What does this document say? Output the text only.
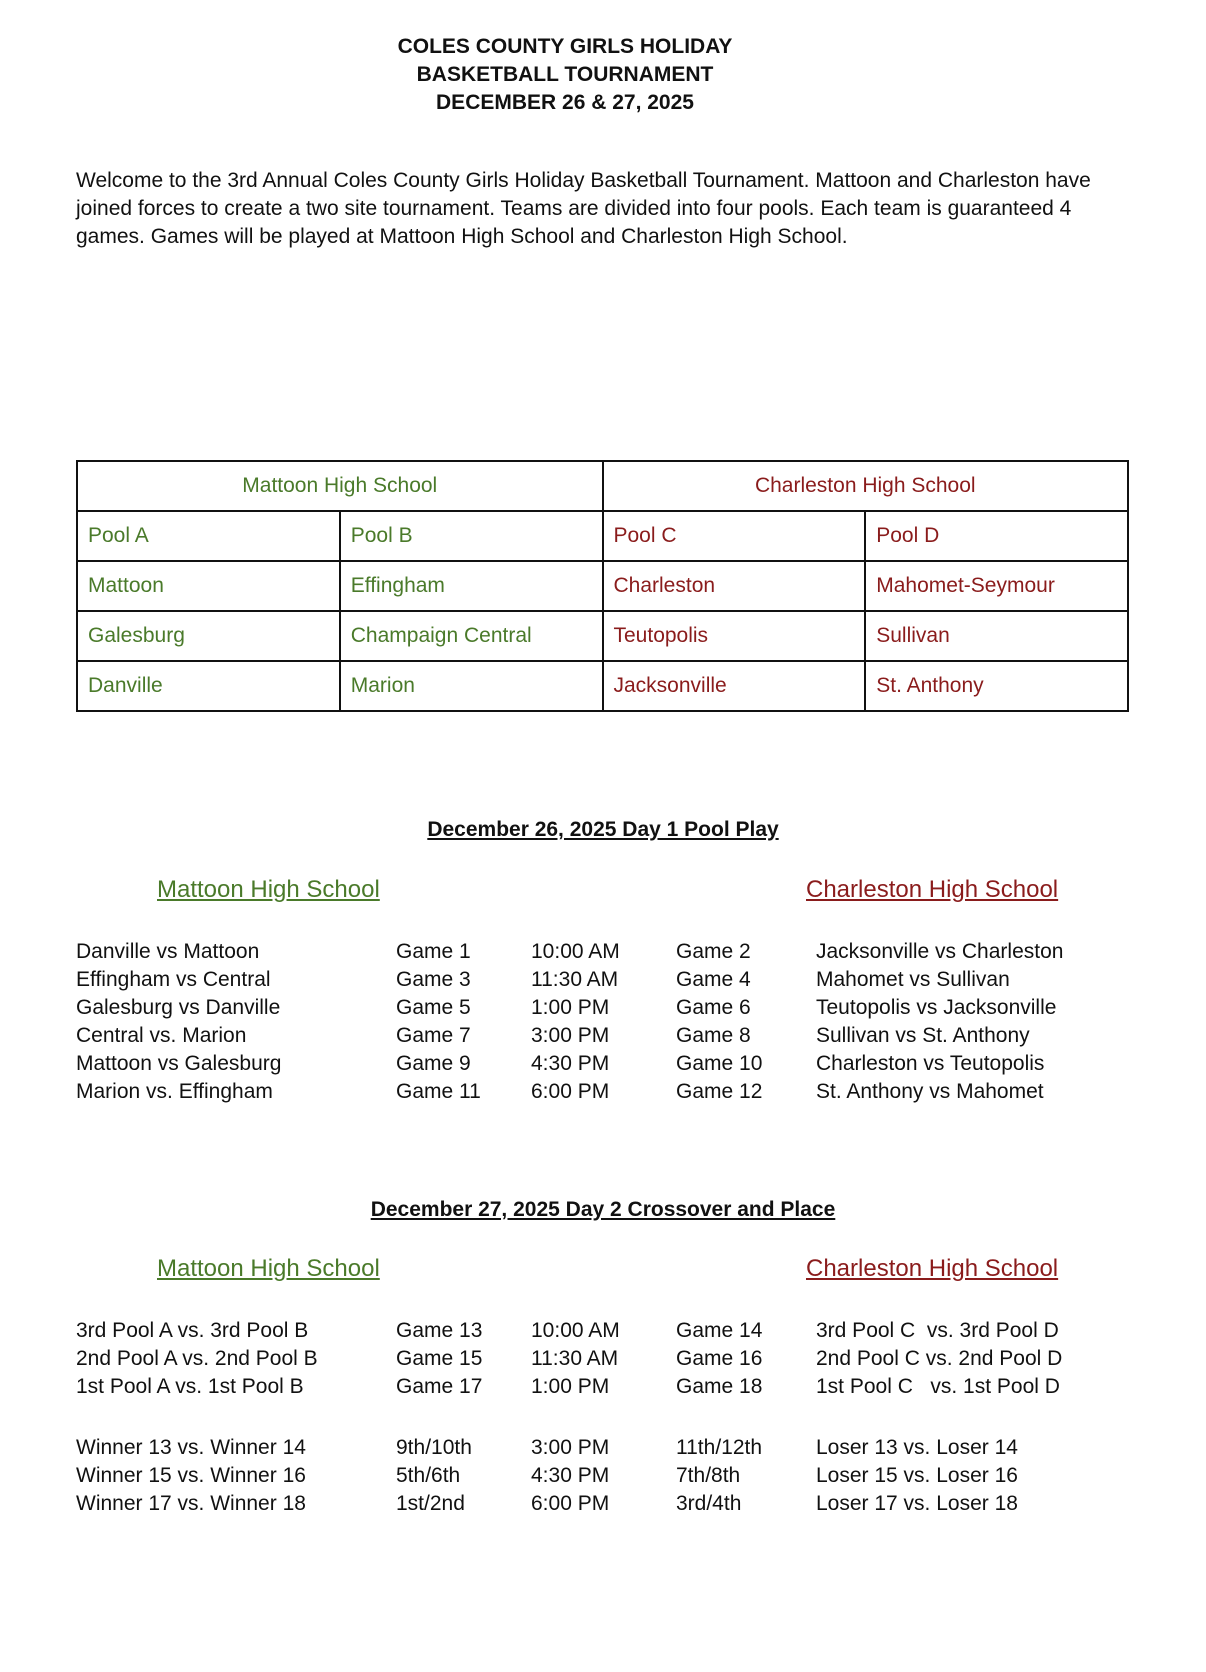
COLES COUNTY GIRLS HOLIDAY
BASKETBALL TOURNAMENT
DECEMBER 26 & 27, 2025
Welcome to the 3rd Annual Coles County Girls Holiday Basketball Tournament. Mattoon and Charleston have joined forces to create a two site tournament. Teams are divided into four pools. Each team is guaranteed 4 games. Games will be played at Mattoon High School and Charleston High School.
Mattoon High School		Charleston High School	
Pool A	Pool B	Pool C	Pool D
Mattoon	Effingham	Charleston	Mahomet-Seymour
Galesburg	Champaign Central	Teutopolis	Sullivan
Danville	Marion	Jacksonville	St. Anthony
December 26, 2025 Day 1 Pool Play
Mattoon High School	Charleston High School
Danville vs Mattoon	Game 1	10:00 AM	Game 2	Jacksonville vs Charleston
Effingham vs Central	Game 3	11:30 AM	Game 4	Mahomet vs Sullivan
Galesburg vs Danville	Game 5	1:00 PM	Game 6	Teutopolis vs Jacksonville
Central vs. Marion	Game 7	3:00 PM	Game 8	Sullivan vs St. Anthony
Mattoon vs Galesburg	Game 9	4:30 PM	Game 10	Charleston vs Teutopolis
Marion vs. Effingham	Game 11 6:00 PM	Game 12	St. Anthony vs Mahomet
December 27, 2025 Day 2 Crossover and Place
Mattoon High School	Charleston High School
3rd Pool A vs. 3rd Pool B	Game 13 10:00 AM	Game 14	3rd Pool C  vs. 3rd Pool D
2nd Pool A vs. 2nd Pool B	Game 15 11:30 AM	Game 16	2nd Pool C vs. 2nd Pool D
1st Pool A vs. 1st Pool B	Game 17 1:00 PM	Game 18	1st Pool C   vs. 1st Pool D
Winner 13 vs. Winner 14	9th/10th	3:00 PM	11th/12th	Loser 13 vs. Loser 14
Winner 15 vs. Winner 16	5th/6th	4:30 PM	7th/8th	Loser 15 vs. Loser 16
Winner 17 vs. Winner 18	1st/2nd	6:00 PM	3rd/4th	Loser 17 vs. Loser 18
